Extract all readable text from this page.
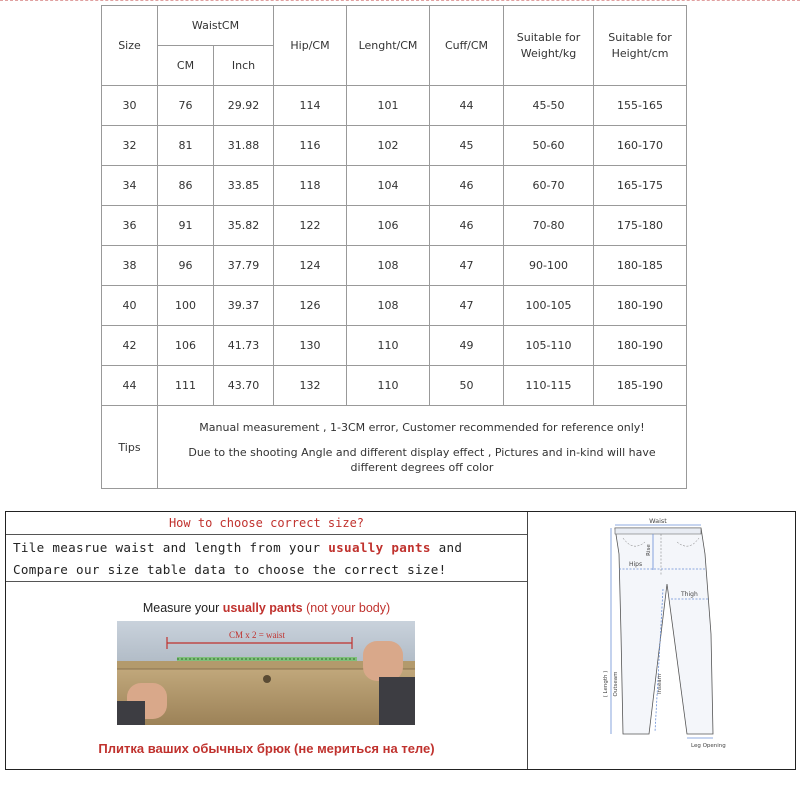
Size	WaistCM		Hip/CM	Lenght/CM	Cuff/CM	Suitable for Weight/kg	Suitable for Height/cm
	CM	Inch					
30	76	29.92	114	101	44	45-50	155-165
32	81	31.88	116	102	45	50-60	160-170
34	86	33.85	118	104	46	60-70	165-175
36	91	35.82	122	106	46	70-80	175-180
38	96	37.79	124	108	47	90-100	180-185
40	100	39.37	126	108	47	100-105	180-190
42	106	41.73	130	110	49	105-110	180-190
44	111	43.70	132	110	50	110-115	185-190
Tips	Manual measurement , 1-3CM error, Customer recommended for reference only!
Due to the shooting Angle and different display effect , Pictures and in-kind will have different degrees off color						
How to choose correct size?
Tile measrue waist and length from your usually pants and Compare our size table data to choose the correct size!
Measure your usually pants (not your body)
CM x 2 = waist
Плитка ваших обычных брюк (не мериться на теле)
Waist
Rise
Hips
Thigh
( Length ) Outseam	Inseam
Leg Opening
